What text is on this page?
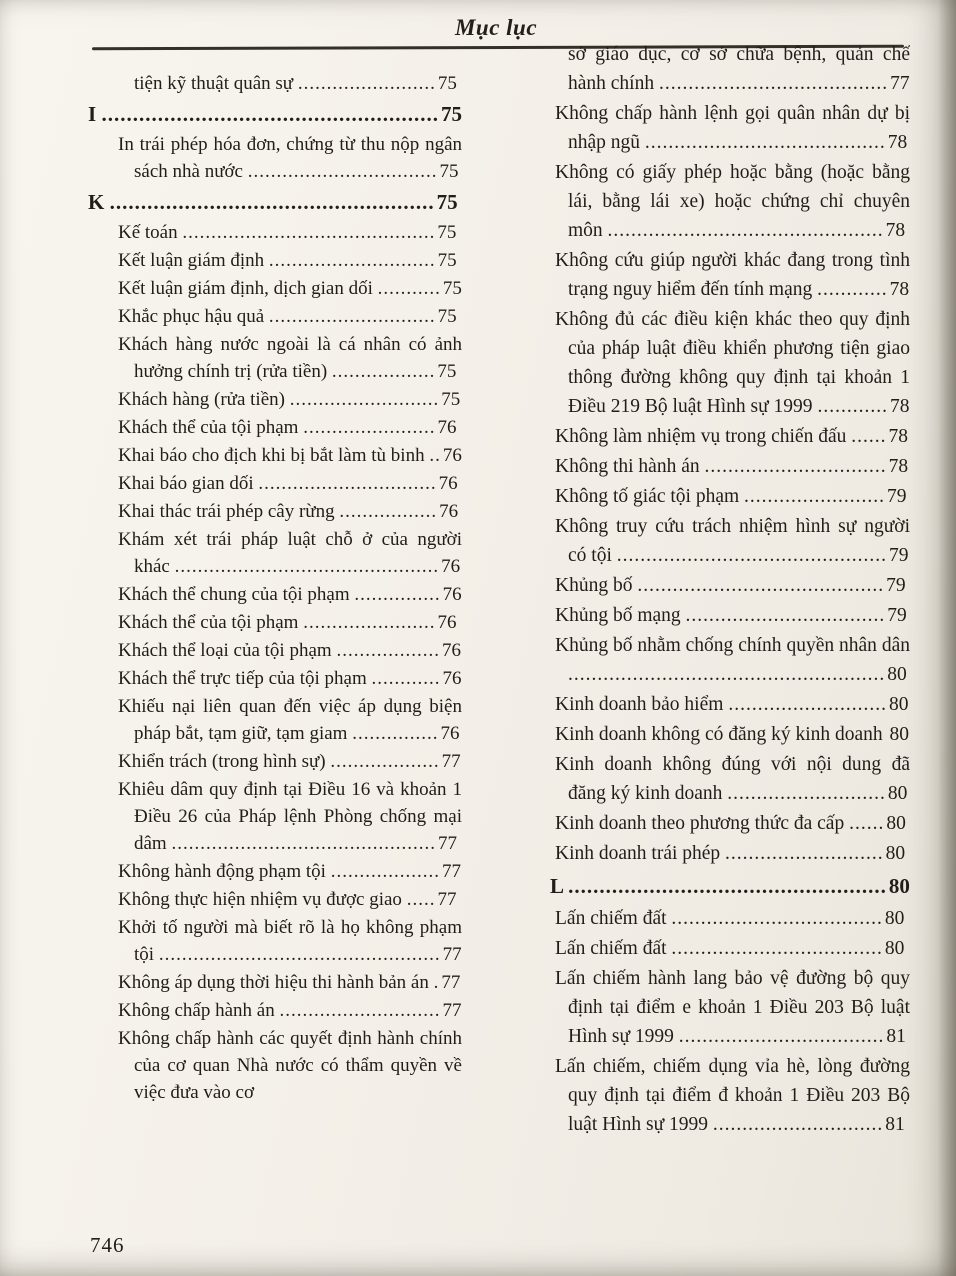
Mục lục
tiện kỹ thuật quân sự ........................ 75
I ......................................................75
In trái phép hóa đơn, chứng từ thu nộp ngân sách nhà nước ................................. 75
K ....................................................75
Kế toán ............................................ 75
Kết luận giám định ............................. 75
Kết luận giám định, dịch gian dối ........... 75
Khắc phục hậu quả ............................. 75
Khách hàng nước ngoài là cá nhân có ảnh hưởng chính trị (rửa tiền) .................. 75
Khách hàng (rửa tiền) .......................... 75
Khách thể của tội phạm ....................... 76
Khai báo cho địch khi bị bắt làm tù binh .. 76
Khai báo gian dối ............................... 76
Khai thác trái phép cây rừng ................. 76
Khám xét trái pháp luật chỗ ở của người khác .............................................. 76
Khách thể chung của tội phạm ............... 76
Khách thể của tội phạm ....................... 76
Khách thể loại của tội phạm .................. 76
Khách thể trực tiếp của tội phạm ............ 76
Khiếu nại liên quan đến việc áp dụng biện pháp bắt, tạm giữ, tạm giam ............... 76
Khiển trách (trong hình sự) ................... 77
Khiêu dâm quy định tại Điều 16 và khoản 1 Điều 26 của Pháp lệnh Phòng chống mại dâm .............................................. 77
Không hành động phạm tội ................... 77
Không thực hiện nhiệm vụ được giao ..... 77
Khởi tố người mà biết rõ là họ không phạm tội ................................................. 77
Không áp dụng thời hiệu thi hành bản án . 77
Không chấp hành án ............................ 77
Không chấp hành các quyết định hành chính của cơ quan Nhà nước có thẩm quyền về việc đưa vào cơ
sở giáo dục, cơ sở chữa bệnh, quản chế hành chính ....................................... 77
Không chấp hành lệnh gọi quân nhân dự bị nhập ngũ ......................................... 78
Không có giấy phép hoặc bằng (hoặc bằng lái, bằng lái xe) hoặc chứng chỉ chuyên môn ............................................... 78
Không cứu giúp người khác đang trong tình trạng nguy hiểm đến tính mạng ............ 78
Không đủ các điều kiện khác theo quy định của pháp luật điều khiển phương tiện giao thông đường không quy định tại khoản 1 Điều 219 Bộ luật Hình sự 1999 ............ 78
Không làm nhiệm vụ trong chiến đấu ...... 78
Không thi hành án ............................... 78
Không tố giác tội phạm ........................ 79
Không truy cứu trách nhiệm hình sự người có tội .............................................. 79
Khủng bố .......................................... 79
Khủng bố mạng .................................. 79
Khủng bố nhằm chống chính quyền nhân dân ...................................................... 80
Kinh doanh bảo hiểm ........................... 80
Kinh doanh không có đăng ký kinh doanh 80
Kinh doanh không đúng với nội dung đã đăng ký kinh doanh ........................... 80
Kinh doanh theo phương thức đa cấp ...... 80
Kinh doanh trái phép ........................... 80
L ...................................................80
Lấn chiếm đất .................................... 80
Lấn chiếm đất .................................... 80
Lấn chiếm hành lang bảo vệ đường bộ quy định tại điểm e khoản 1 Điều 203 Bộ luật Hình sự 1999 ................................... 81
Lấn chiếm, chiếm dụng vỉa hè, lòng đường quy định tại điểm đ khoản 1 Điều 203 Bộ luật Hình sự 1999 ............................. 81
746
